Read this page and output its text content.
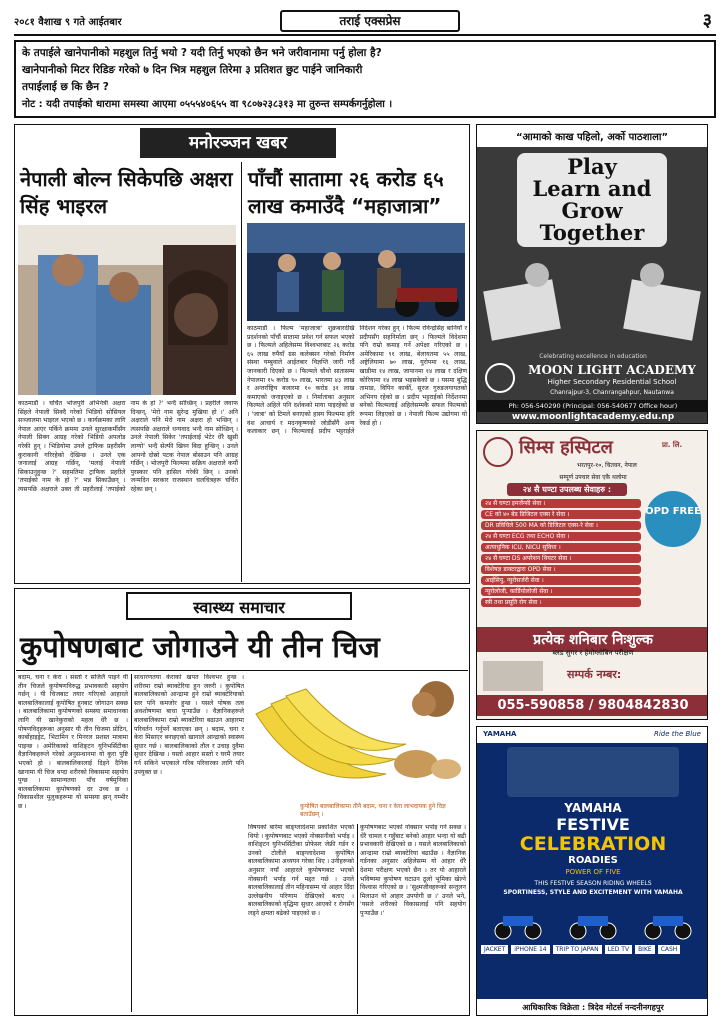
२०८१ वैशाख ९ गते आईतबार	तराई एक्सप्रेस	३

के तपाईले खानेपानीको महशुल तिर्नु भयो ? यदी तिर्नु भएको छैन भने जरीवानामा पर्नु होला है?

खानेपानीको मिटर रिडिङ गरेको ७ दिन भित्र महशुल तिरेमा ३ प्रतिशत छुट पाईने जानिकारी

तपाईलाई छ कि छैन ?

नोट : यदी तपाईको धारामा समस्या आएमा ०५५५४०६५५ वा ९८०७२३८३१३ मा तुरुन्त सम्पर्कगर्नुहोला ।

मनोरञ्जन खबर
नेपाली बोल्न सिकेपछि अक्षरा सिंह भाइरल
पाँचौं सातामा २६ करोड ६५ लाख कमाउँदै “महाजात्रा”
काठमाडौं । चर्चित भोजपुरी अभिनेत्री अक्षरा सिंहले नेपाली सिक्दै गरेको भिडियो सोसियल सञ्जालमा भाइरल भएको छ । कार्यक्रमका लागि नेपाल आएर पर्किने क्रममा उनले सुरक्षाकर्मीसँग नेपाली सिक्न आग्रह गरेको भिडियो अपलोड गरेकी हुन् । भिडियोमा उनले ट्राफिक प्रहरीसँग कुराकानी गरिरहेको देखिन्छ । उनले एक जनालाई आग्रह गर्छिन्, 'मलाई नेपाली सिकाउनुहुन्छ ?' सहमतिमा ट्राफिक प्रहरीले 'तपाईको नाम के हो ?' भन्न सिकाउँछन् । त्यसपछि अक्षराले उक्त ती प्रहरीलाई 'तपाईको नाम के हो ?' भन्दै सोध्छिन् । प्रहरीले जवाफ दिन्छन्, 'मेरो नाम सुरेन्द्र मुखिया हो ।' अनि अक्षराले पनि मेरो नाम अक्षरा हो भन्छिन् । त्यसपछि अक्षराले धन्यवाद भन्दै नाम सोध्छिन् । उनले नेपाली सिकेर 'तपाईलाई भेटेर धेरै खुसी लाग्यो' भन्दै सेल्फी खिच्न बिदा हुन्छिन् । उनले आफ्नो दोस्रो पटक नेपाल बोसाउन पनि आग्रह गर्छिन् । भोजपुरी फिल्ममा सक्रिय अक्षराले कयौं पुरस्कार पनि हासिल गरेकी छिन् । उनको जन्मदिन सरकार राजस्थान चलचित्रहरू चर्चित रहेका छन् ।
काठमाडौं । फिल्म 'महाजात्रा' शुक्रबारदेखि प्रदर्शनको पाँचौं सातामा प्रवेश गर्न सफल भएको छ । फिल्मले अहिलेसम्म विश्वभरबाट २६ करोड ६५ लाख रुपैयाँ ग्रस कलेक्सन गरेको निर्माण संस्था यम्बुवाले आईतबार विज्ञप्ति जारी गर्दै जानकारी दिएको छ । फिल्मले चौथो सातासम्म नेपालमा १५ करोड ९० लाख, भारतमा ४३ लाख र अन्तर्राष्ट्रिय बजारमा १० करोड ३१ लाख कमाएको जनाइएको छ । निर्माताका अनुसार फिल्मले अहिले पनि दर्शकको माया पाइरहेको छ । 'जात्रा' को टिमले बनाएको हास्य फिल्ममा हरि वंश आचार्य र मदनकृष्णको जोडीसँगै अन्य कलाकार छन् । फिल्मलाई प्रदीप भट्टराईले निर्देशन गरेका हुन् । फिल्म रविन्द्रसिंह बानियाँ र प्रदीपसँग सहनिर्माता छन् । फिल्मले विदेशमा पनि राम्रो कमाइ गर्ने अपेक्षा गरिएको छ । अमेरिकामा ९१ लाख, बेलायतमा ५५ लाख, अष्ट्रेलियामा ७० लाख, युरोपमा १६ लाख, खाडीमा १४ लाख, जापानमा १४ लाख र दक्षिण कोरियामा १४ लाख भइसकेको छ । यसमा बुद्धि तामाङ, विपिन कार्की, सुरज गुरुङलगायतको अभिनय रहेको छ । प्रदीप भट्टराईको निर्देशनमा बनेको फिल्मलाई अहिलेसम्मकै सफल फिल्मको रूपमा लिइएको छ । नेपाली फिल्म उद्योगमा यो रेकर्ड हो ।
स्वास्थ्य समाचार
कुपोषणबाट जोगाउने यी तीन चिज
बदाम, चना र केरा । सस्तो र सजिलै पाइने यी तीन चिजले कुपोषणविरुद्ध प्रभावकारी सहयोग गर्छन् । यी चिजबाट तयार गरिएको आहारले बालबालिकालाई कुपोषित हुनबाट जोगाउन सक्छ । बालबालिकामा कुपोषणको समस्या समाधानका लागि यी खानेकुराको महत्व धेरै छ । पोषणविद्हरूका अनुसार यी तीन चिजमा प्रोटिन, कार्बोहाइड्रेट, भिटामिन र मिनरल प्रशस्त मात्रामा पाइन्छ । अमेरिकाको वाशिङ्टन युनिभर्सिटीका वैज्ञानिकहरूले गरेको अनुसन्धानमा यो कुरा पुष्टि भएको हो । बालबालिकालाई दिइने दैनिक खानामा यी चिज थप्दा शरीरको विकासमा सहयोग पुग्छ । सामान्यतया पाँच वर्षमुनिका बालबालिकामा कुपोषणको दर उच्च छ । विकासशील मुलुकहरूमा यो समस्या झन् गम्भीर छ ।
साधारणतया केराको खपत विश्वभर हुन्छ । शरीरमा राम्रो ब्याक्टेरिया हुन जरुरी । कुपोषित बालबालिकाको आन्द्रामा हुने राम्रो ब्याक्टेरियाको स्तर पनि कमजोर हुन्छ । यसले पोषक तत्व अवशोषणमा बाधा पुर्‍याउँछ । वैज्ञानिकहरूले बालबालिकामा राम्रो ब्याक्टेरिया बढाउन आहारमा परिवर्तन गर्नुपर्ने बताएका छन् । बदाम, चना र केरा मिसाएर बनाइएको खानाले आन्द्राको स्वास्थ्य सुधार गर्छ । बालबालिकाको तौल र उचाइ दुवैमा सुधार देखिन्छ । यस्तो आहार सस्तो र घरमै तयार गर्न सकिने भएकाले गरिब परिवारका लागि पनि उपयुक्त छ ।
कुपोषित बालबालिकामा तीनै बदाम, चना र केरा लाभदायक हुने विज्ञ बताउँछन् ।
विषयको बारेमा बाङ्ग्लादेशमा प्रकाशित भएको थियो । कुपोषणबाट भएको नोक्सानीको भर्पाइ । वाशिङ्टन युनिभर्सिटीका प्रोफेसर जेफ्री गर्डन र उनको टोलीले बाङ्ग्लादेशमा कुपोषित बालबालिकामा अध्ययन गरेका थिए । उनीहरूको अनुसार नयाँ आहारले कुपोषणबाट भएको नोक्सानी भर्पाइ गर्न मद्दत गर्छ । उनले बालबालिकालाई तीन महिनासम्म यो आहार दिँदा उल्लेखनीय परिणाम देखिएको बताए । बालबालिकाको वृद्धिमा सुधार आएको र रोगसँग लड्ने क्षमता बढेको पाइएको छ ।
कुपोषणबाट भएको नोक्सान भर्पाइ गर्न सक्छ । धेरै चामल र गहुँबाट बनेको आहार भन्दा यो बढी प्रभावकारी देखिएको छ । यसले बालबालिकाको आन्द्रामा राम्रो ब्याक्टेरिया बढाउँछ । वैज्ञानिक गर्डनका अनुसार अहिलेसम्म यो आहार धेरै देशमा परीक्षण भएको छैन । तर यो आहारले भविष्यमा कुपोषण घटाउन ठूलो भूमिका खेल्ने विश्वास गरिएको छ । 'सुक्ष्मजीवहरूको सन्तुलन मिलाउन यो आहार उपयोगी छ ।' उनले भने, 'यसले शरीरको विकासलाई पनि सहयोग पुर्‍याउँछ ।'
“आमाको काख पहिलो, अर्को पाठशाला”
Play
Learn and
Grow
Together
Celebrating excellence in education
MOON LIGHT ACADEMY
Higher Secondary Residential School
Chanrajpur-3, Chanrangahpur, Nautanwa
Ph: 056-540290 (Principal: 056-540677 Office hour)
www.moonlightacademy.edu.np
सिम्स हस्पिटल	प्रा. लि.
भरतपुर-१०, चितवन, नेपाल
सम्पूर्ण उपचार सेवा एकै थलोमा
२४ सै घण्टा उपलब्ध सेवाहरु :
OPD FREE
२४ सै घण्टा इमर्जेन्सी सेवा ।
CE को ४० बेड डिजिटल एक्स रे सेवा ।
DR प्रविधिले 500 MA को डिजिटल एक्स-रे सेवा ।
२४ सै घण्टा ECG तथा ECHO सेवा ।
अत्याधुनिक ICU, NICU सुविधा ।
२४ सै घण्टा DS अपरेशन थियटर सेवा ।
विशेषज्ञ डाक्टरद्वारा OPD सेवा ।
आईसियु, न्युरोसर्जरी सेवा ।
न्युरोलोजी, कार्डियोलोजी सेवा ।
स्त्री तथा प्रसूति रोग सेवा ।
प्रत्येक शनिबार निःशुल्क
ब्लड सुगर र हेमोग्लोबिन परीक्षण
सम्पर्क नम्बर:
055-590858 / 9804842830
YAMAHA	Ride the Blue
YAMAHA
FESTIVE
CELEBRATION
ROADIES
POWER OF FIVE
THIS FESTIVE SEASON RIDING WHEELS
SPORTINESS, STYLE AND EXCITEMENT WITH YAMAHA
JACKET	iPHONE 14	TRIP TO JAPAN	LED TV	BIKE	CASH
आधिकारिक विक्रेता : त्रिदेव मोटर्स नन्दनीनगहपुर
